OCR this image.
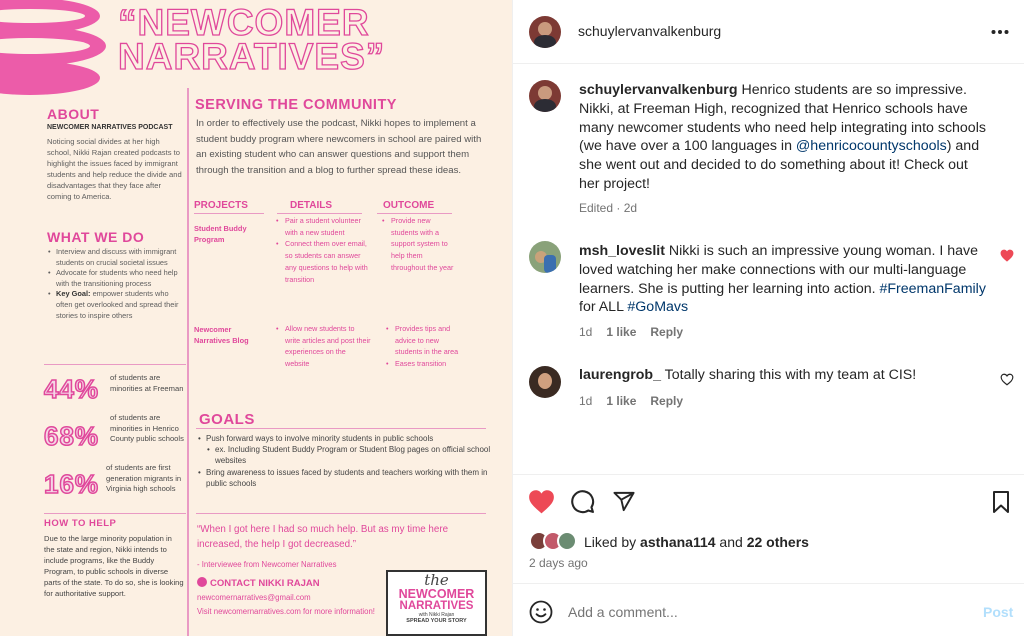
“NEWCOMER
NARRATIVES”
ABOUT
NEWCOMER NARRATIVES PODCAST
Noticing social divides at her high school, Nikki Rajan created podcasts to highlight the issues faced by immigrant students and help reduce the divide and disadvantages that they face after coming to America.
WHAT WE DO
• Interview and discuss with immigrant students on crucial societal issues
• Advocate for students who need help with the transitioning process
• Key Goal: empower students who often get overlooked and spread their stories to inspire others
44% of students are minorities at Freeman
68%
of students are minorities in Henrico County public schools
16%
of students are first generation migrants in Virginia high schools
HOW TO HELP
Due to the large minority population in the state and region, Nikki intends to include programs, like the Buddy Program, to public schools in diverse parts of the state. To do so, she is looking for authoritative support.
SERVING THE COMMUNITY
In order to effectively use the podcast, Nikki hopes to implement a student buddy program where newcomers in school are paired with an existing student who can answer questions and support them through the transition and a blog to further spread these ideas.
PROJECTS	DETAILS	OUTCOME
Student Buddy Program
• Pair a student volunteer with a new student
• Connect them over email, so students can answer any questions to help with transition
• Provide new students with a support system to help them throughout the year
Newcomer Narratives Blog
• Allow new students to write articles and post their experiences on the website
• Provides tips and advice to new students in the area
• Eases transition
GOALS
• Push forward ways to involve minority students in public schools
• ex. Including Student Buddy Program or Student Blog pages on official school websites
• Bring awareness to issues faced by students and teachers working with them in public schools
“When I got here I had so much help. But as my time here increased, the help I got decreased.”
- Interviewee from Newcomer Narratives
CONTACT NIKKI RAJAN
newcomernarratives@gmail.com
Visit newcomernarratives.com for more information!
the
NEWCOMER
NARRATIVES
with Nikki Rajan
SPREAD YOUR STORY
schuylervanvalkenburg
schuylervanvalkenburg Henrico students are so impressive. Nikki, at Freeman High, recognized that Henrico schools have many newcomer students who need help integrating into schools (we have over a 100 languages in @henricocountyschools) and she went out and decided to do something about it! Check out her project!
Edited · 2d
msh_loveslit Nikki is such an impressive young woman. I have loved watching her make connections with our multi-language learners. She is putting her learning into action. #FreemanFamily for ALL #GoMavs
1d 1 like Reply
laurengrob_ Totally sharing this with my team at CIS!
1d 1 like Reply
Liked by asthana114 and 22 others
2 days ago
Add a comment...
Post
